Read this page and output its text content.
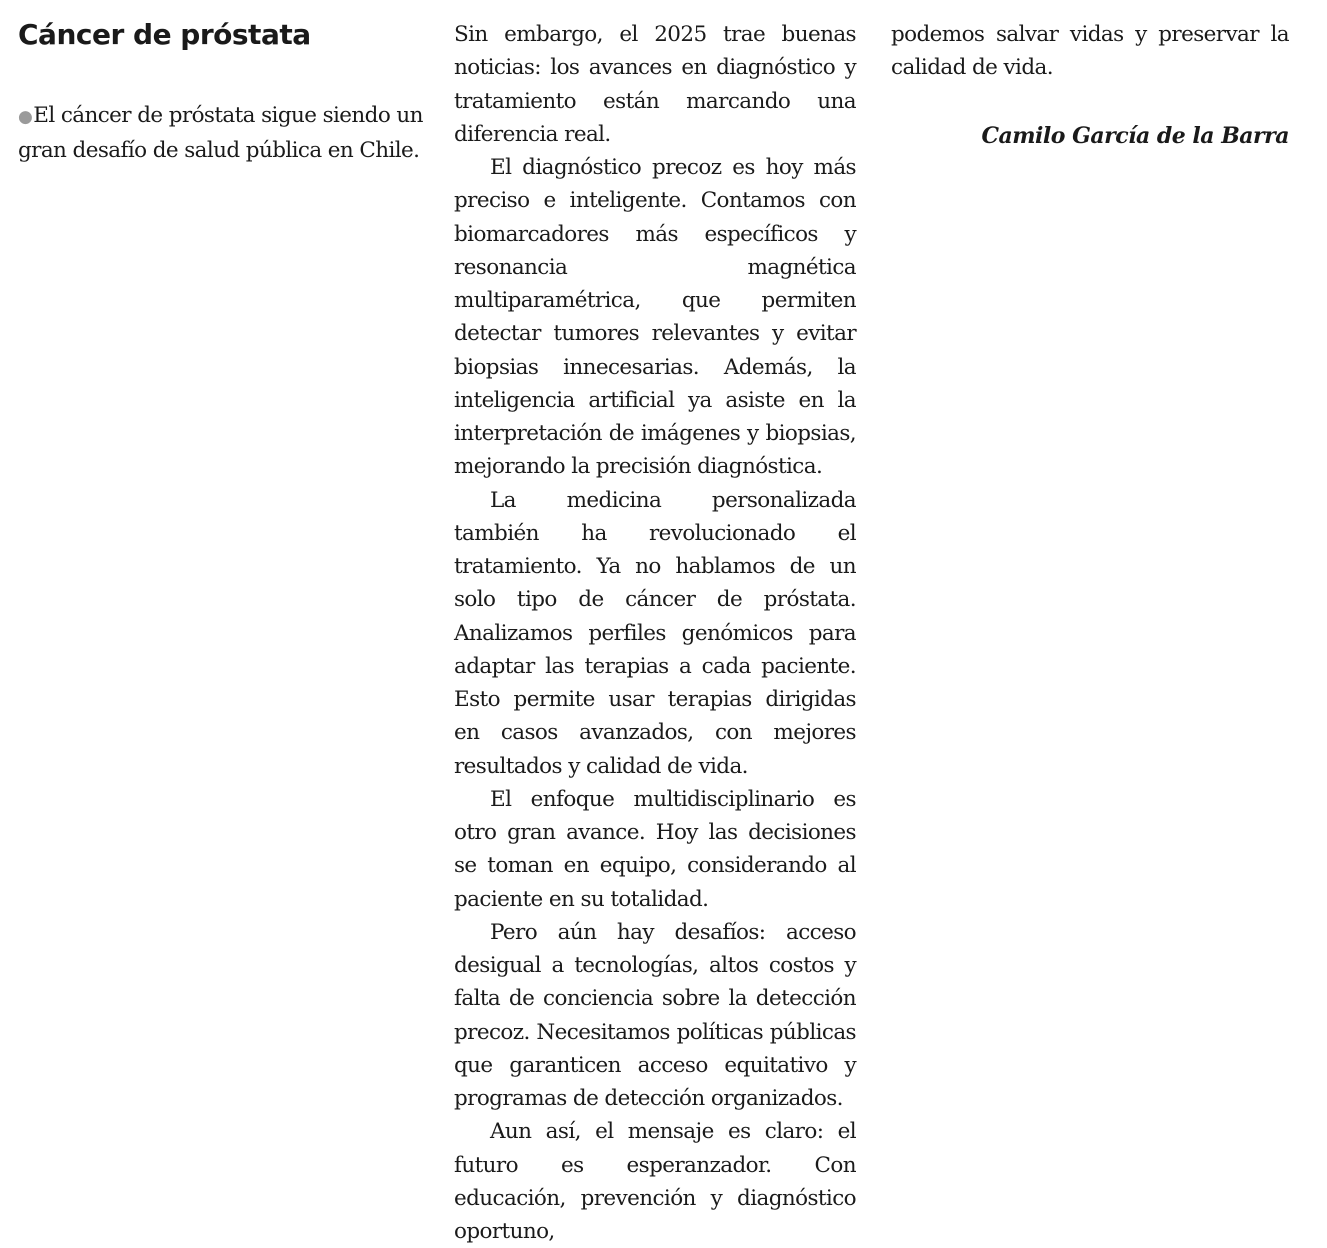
Cáncer de próstata

●El cáncer de próstata sigue siendo un gran desafío de salud pública en Chile.

Sin embargo, el 2025 trae buenas noticias: los avances en diagnóstico y tratamiento están marcando una diferencia real.

El diagnóstico precoz es hoy más preciso e inteligente. Contamos con biomarcadores más específicos y resonancia magnética multiparamétrica, que permiten detectar tumores relevantes y evitar biopsias innecesarias. Además, la inteligencia artificial ya asiste en la interpretación de imágenes y biopsias, mejorando la precisión diagnóstica.

La medicina personalizada también ha revolucionado el tratamiento. Ya no hablamos de un solo tipo de cáncer de próstata. Analizamos perfiles genómicos para adaptar las terapias a cada paciente. Esto permite usar terapias dirigidas en casos avanzados, con mejores resultados y calidad de vida.

El enfoque multidisciplinario es otro gran avance. Hoy las decisiones se toman en equipo, considerando al paciente en su totalidad.

Pero aún hay desafíos: acceso desigual a tecnologías, altos costos y falta de conciencia sobre la detección precoz. Necesitamos políticas públicas que garanticen acceso equitativo y programas de detección organizados.

Aun así, el mensaje es claro: el futuro es esperanzador. Con educación, prevención y diagnóstico oportuno,

podemos salvar vidas y preservar la calidad de vida.

Camilo García de la Barra
